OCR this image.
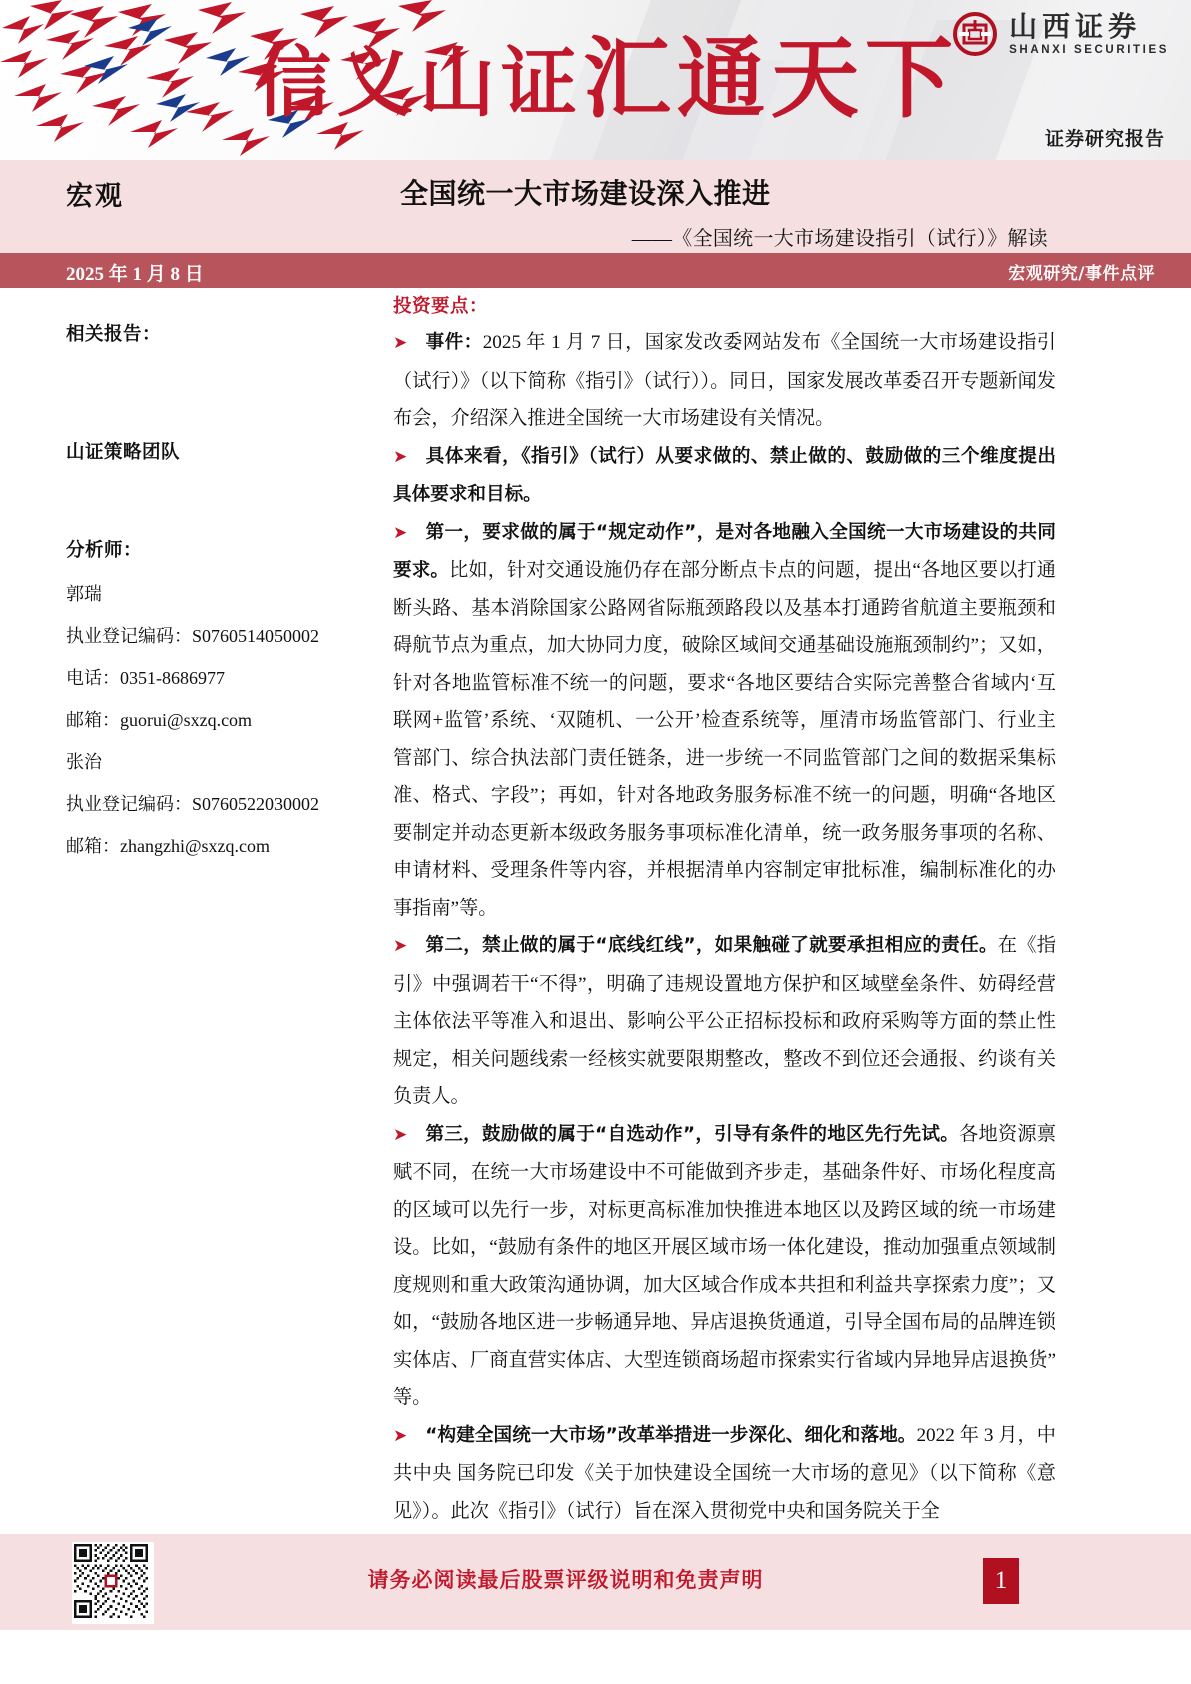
信义山证汇通天下 山西证券
SHANXI SECURITIES
证券研究报告
宏观	全国统一大市场建设深入推进
——《全国统一大市场建设指引（试行）》解读
2025 年 1 月 8 日	宏观研究/事件点评
相关报告：
山证策略团队
分析师：
郭瑞
执业登记编码：S0760514050002
电话：0351-8686977
邮箱：guorui@sxzq.com
张治
执业登记编码：S0760522030002
邮箱：zhangzhi@sxzq.com
投资要点：

➤ 事件：2025 年 1 月 7 日，国家发改委网站发布《全国统一大市场建设指引（试行）》（以下简称《指引》（试行））。同日，国家发展改革委召开专题新闻发布会，介绍深入推进全国统一大市场建设有关情况。

➤ 具体来看，《指引》（试行）从要求做的、禁止做的、鼓励做的三个维度提出具体要求和目标。

➤ 第一，要求做的属于“规定动作”，是对各地融入全国统一大市场建设的共同要求。比如，针对交通设施仍存在部分断点卡点的问题，提出“各地区要以打通断头路、基本消除国家公路网省际瓶颈路段以及基本打通跨省航道主要瓶颈和碍航节点为重点，加大协同力度，破除区域间交通基础设施瓶颈制约”；又如，针对各地监管标准不统一的问题，要求“各地区要结合实际完善整合省域内‘互联网+监管’系统、‘双随机、一公开’检查系统等，厘清市场监管部门、行业主管部门、综合执法部门责任链条，进一步统一不同监管部门之间的数据采集标准、格式、字段”；再如，针对各地政务服务标准不统一的问题，明确“各地区要制定并动态更新本级政务服务事项标准化清单，统一政务服务事项的名称、申请材料、受理条件等内容，并根据清单内容制定审批标准，编制标准化的办事指南”等。

➤ 第二，禁止做的属于“底线红线”，如果触碰了就要承担相应的责任。在《指引》中强调若干“不得”，明确了违规设置地方保护和区域壁垒条件、妨碍经营主体依法平等准入和退出、影响公平公正招标投标和政府采购等方面的禁止性规定，相关问题线索一经核实就要限期整改，整改不到位还会通报、约谈有关负责人。

➤ 第三，鼓励做的属于“自选动作”，引导有条件的地区先行先试。各地资源禀赋不同，在统一大市场建设中不可能做到齐步走，基础条件好、市场化程度高的区域可以先行一步，对标更高标准加快推进本地区以及跨区域的统一市场建设。比如，“鼓励有条件的地区开展区域市场一体化建设，推动加强重点领域制度规则和重大政策沟通协调，加大区域合作成本共担和利益共享探索力度”；又如，“鼓励各地区进一步畅通异地、异店退换货通道，引导全国布局的品牌连锁实体店、厂商直营实体店、大型连锁商场超市探索实行省域内异地异店退换货”等。

➤ “构建全国统一大市场”改革举措进一步深化、细化和落地。2022 年 3 月，中共中央 国务院已印发《关于加快建设全国统一大市场的意见》（以下简称《意见》）。此次《指引》（试行）旨在深入贯彻党中央和国务院关于全

请务必阅读最后股票评级说明和免责声明	1
